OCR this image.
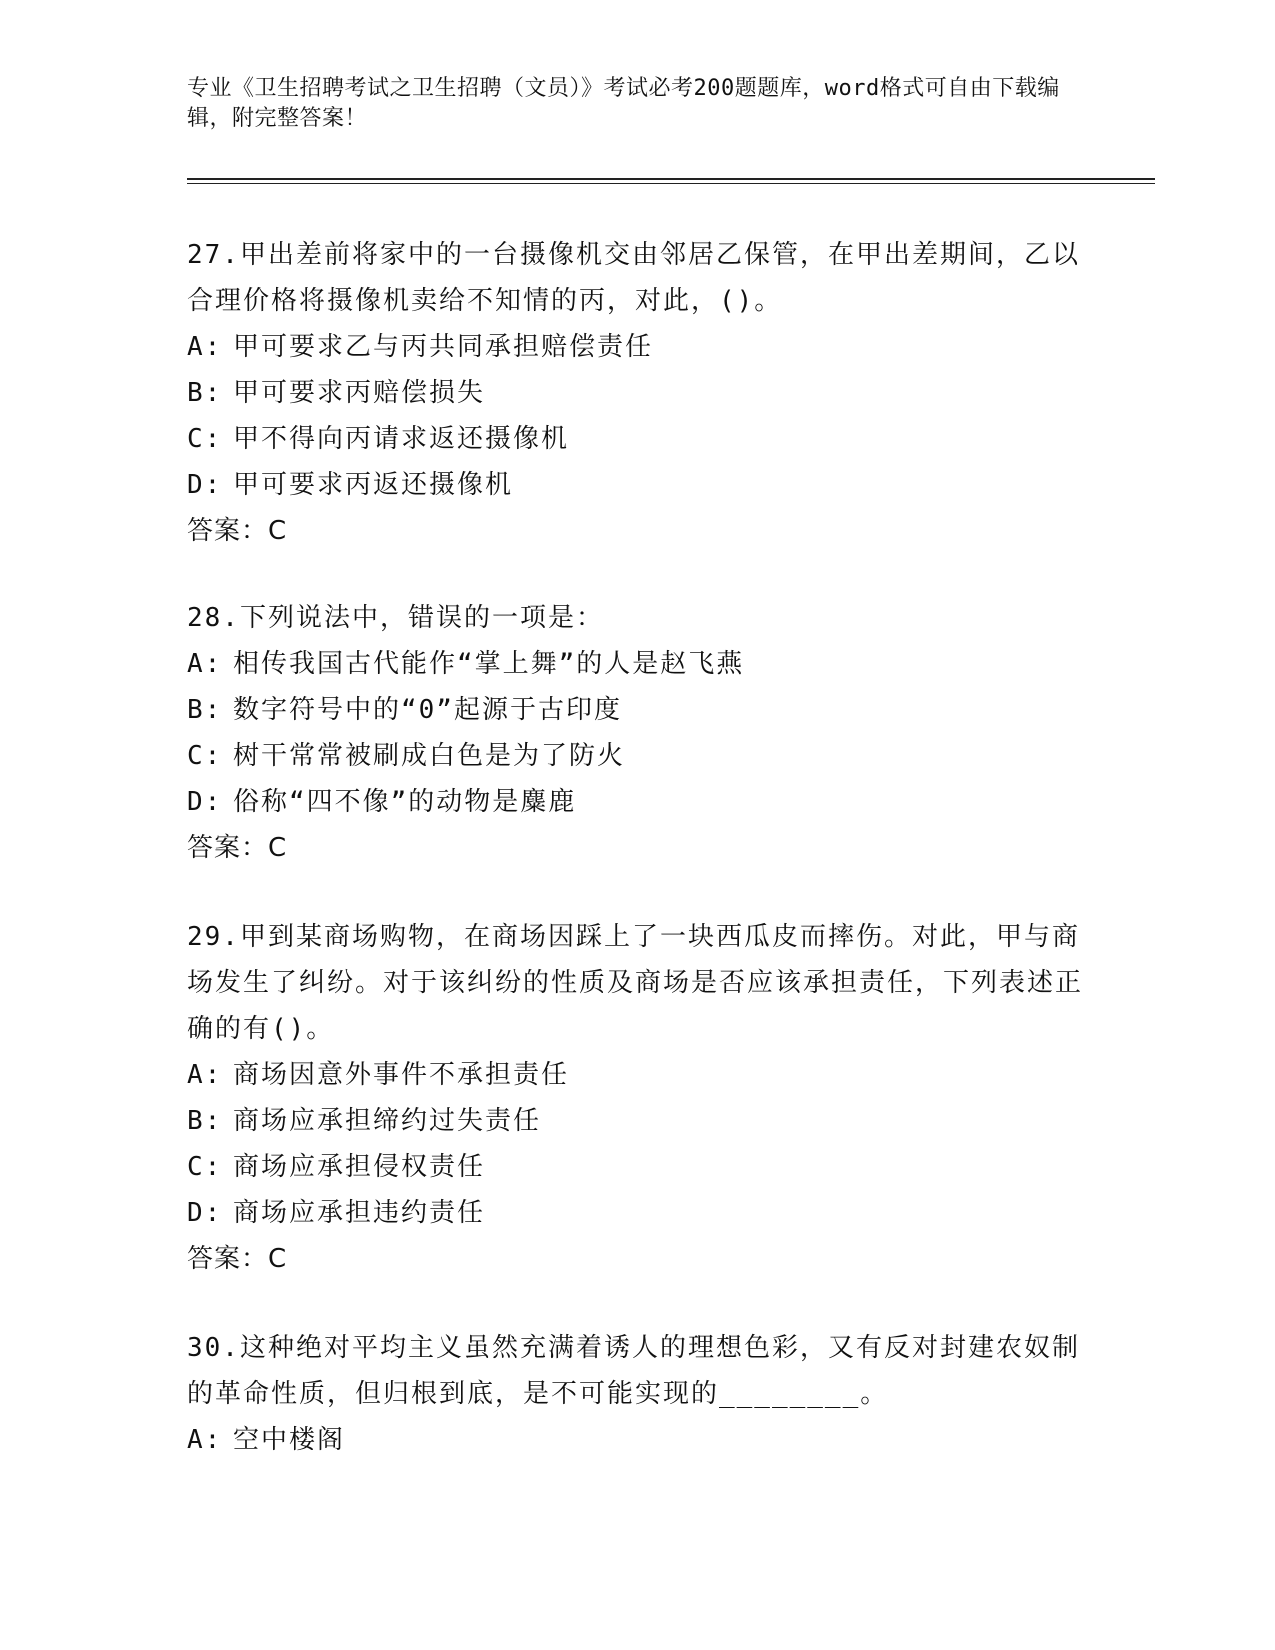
专业《卫生招聘考试之卫生招聘（文员）》考试必考200题题库，word格式可自由下载编辑，附完整答案！
27.甲出差前将家中的一台摄像机交由邻居乙保管，在甲出差期间，乙以合理价格将摄像机卖给不知情的丙，对此，()。
A: 甲可要求乙与丙共同承担赔偿责任
B: 甲可要求丙赔偿损失
C: 甲不得向丙请求返还摄像机
D: 甲可要求丙返还摄像机
答案：C
28.下列说法中，错误的一项是：
A: 相传我国古代能作“掌上舞”的人是赵飞燕
B: 数字符号中的“0”起源于古印度
C: 树干常常被刷成白色是为了防火
D: 俗称“四不像”的动物是麋鹿
答案：C
29.甲到某商场购物，在商场因踩上了一块西瓜皮而摔伤。对此，甲与商场发生了纠纷。对于该纠纷的性质及商场是否应该承担责任，下列表述正确的有()。
A: 商场因意外事件不承担责任
B: 商场应承担缔约过失责任
C: 商场应承担侵权责任
D: 商场应承担违约责任
答案：C
30.这种绝对平均主义虽然充满着诱人的理想色彩，又有反对封建农奴制的革命性质，但归根到底，是不可能实现的________。
A: 空中楼阁
